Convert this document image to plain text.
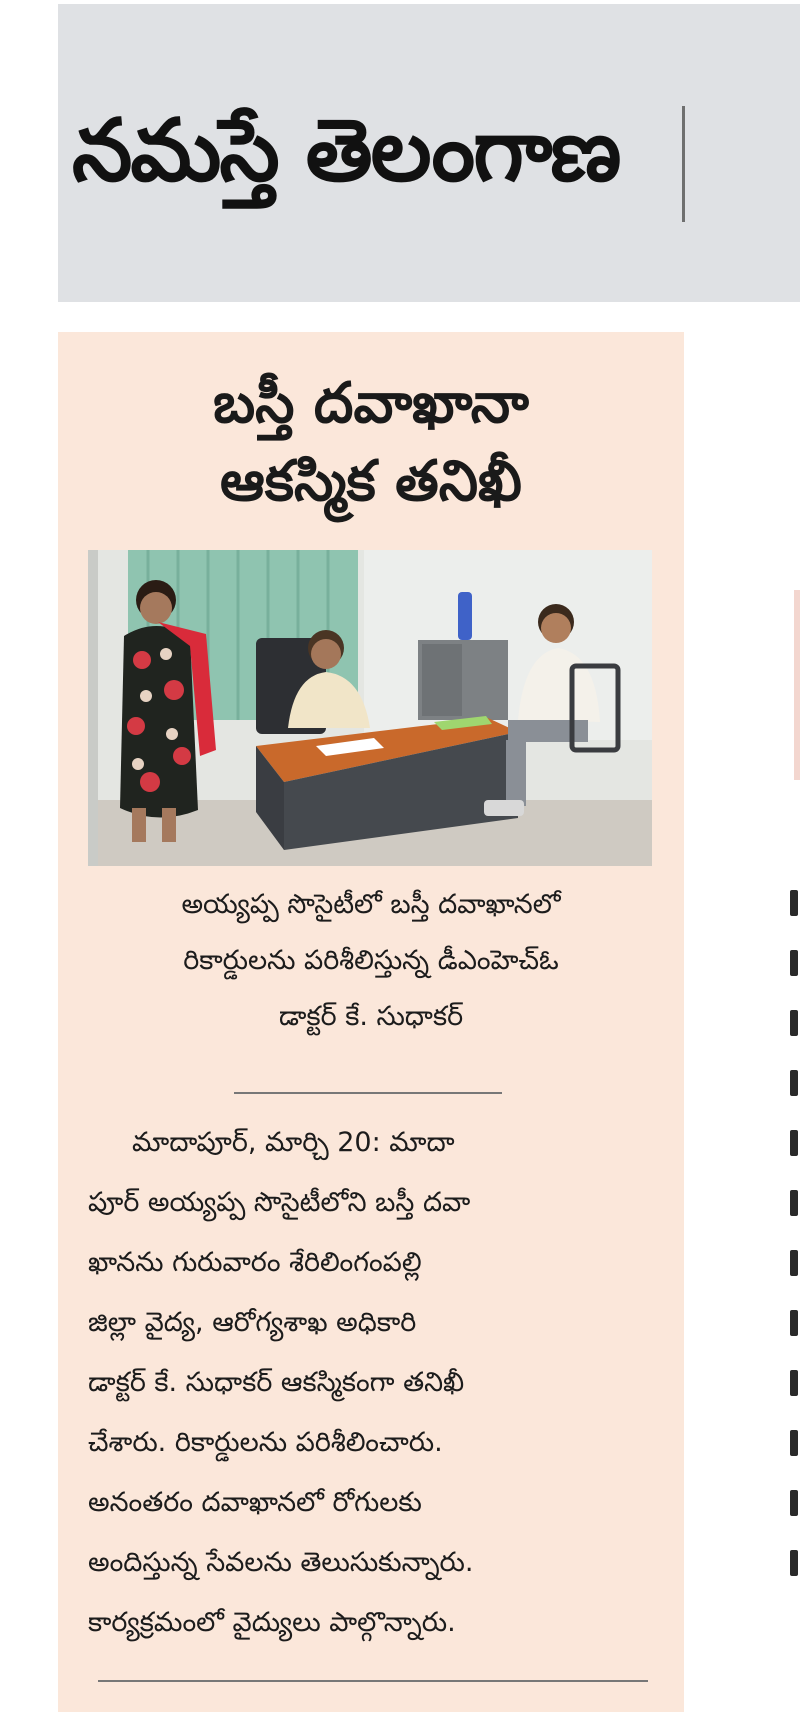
నమస్తే తెలంగాణ
బస్తీ దవాఖానా
ఆకస్మిక తనిఖీ
అయ్యప్ప సొసైటీలో బస్తీ దవాఖానలో
రికార్డులను పరిశీలిస్తున్న డీఎంహెచ్ఓ
డాక్టర్ కే. సుధాకర్
మాదాపూర్, మార్చి 20: మాదా
పూర్ అయ్యప్ప సొసైటీలోని బస్తీ దవా
ఖానను గురువారం శేరిలింగంపల్లి
జిల్లా వైద్య, ఆరోగ్యశాఖ అధికారి
డాక్టర్ కే. సుధాకర్ ఆకస్మికంగా తనిఖీ
చేశారు. రికార్డులను పరిశీలించారు.
అనంతరం దవాఖానలో రోగులకు
అందిస్తున్న సేవలను తెలుసుకున్నారు.
కార్యక్రమంలో వైద్యులు పాల్గొన్నారు.
